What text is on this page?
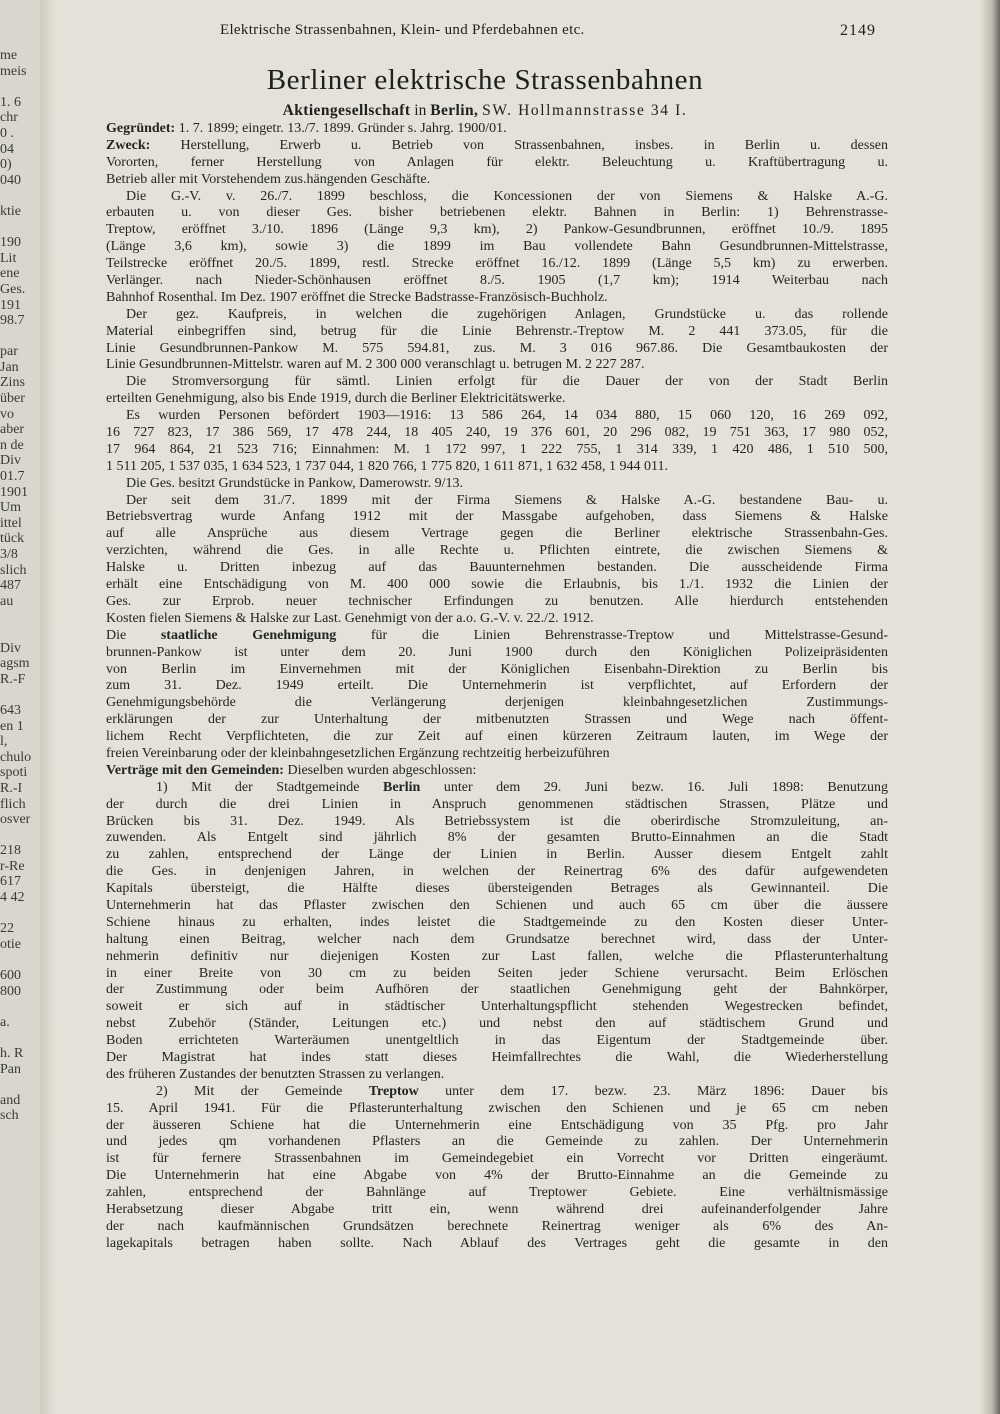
me
meis
1. 6
chr
0 .
04
0)
040
ktie
190
Lit
ene
Ges.
191
98.7
par
Jan
Zins
über
vo
aber
n de
Div
01.7
1901
Um
ittel
tück
3/8
slich
487
au
Div
agsm
R.-F
643
en 1
l,
chulo
spoti
R.-I
flich
osver
218
r-Re
617
4 42
22
otie
600
800
a.
h. R
Pan
and
sch
Elektrische Strassenbahnen, Klein- und Pferdebahnen etc.	2149
Berliner elektrische Strassenbahnen
Aktiengesellschaft in Berlin, SW. Hollmannstrasse 34 I.
Gegründet: 1. 7. 1899; eingetr. 13./7. 1899. Gründer s. Jahrg. 1900/01.
Zweck: Herstellung, Erwerb u. Betrieb von Strassenbahnen, insbes. in Berlin u. dessen
Vororten, ferner Herstellung von Anlagen für elektr. Beleuchtung u. Kraftübertragung u.
Betrieb aller mit Vorstehendem zus.hängenden Geschäfte.
Die G.-V. v. 26./7. 1899 beschloss, die Koncessionen der von Siemens & Halske A.-G.
erbauten u. von dieser Ges. bisher betriebenen elektr. Bahnen in Berlin: 1) Behrenstrasse-
Treptow, eröffnet 3./10. 1896 (Länge 9,3 km), 2) Pankow-Gesundbrunnen, eröffnet 10./9. 1895
(Länge 3,6 km), sowie 3) die 1899 im Bau vollendete Bahn Gesundbrunnen-Mittelstrasse,
Teilstrecke eröffnet 20./5. 1899, restl. Strecke eröffnet 16./12. 1899 (Länge 5,5 km) zu erwerben.
Verlänger. nach Nieder-Schönhausen eröffnet 8./5. 1905 (1,7 km); 1914 Weiterbau nach
Bahnhof Rosenthal. Im Dez. 1907 eröffnet die Strecke Badstrasse-Französisch-Buchholz.
Der gez. Kaufpreis, in welchen die zugehörigen Anlagen, Grundstücke u. das rollende
Material einbegriffen sind, betrug für die Linie Behrenstr.-Treptow M. 2 441 373.05, für die
Linie Gesundbrunnen-Pankow M. 575 594.81, zus. M. 3 016 967.86. Die Gesamtbaukosten der
Linie Gesundbrunnen-Mittelstr. waren auf M. 2 300 000 veranschlagt u. betrugen M. 2 227 287.
Die Stromversorgung für sämtl. Linien erfolgt für die Dauer der von der Stadt Berlin
erteilten Genehmigung, also bis Ende 1919, durch die Berliner Elektricitätswerke.
Es wurden Personen befördert 1903—1916: 13 586 264, 14 034 880, 15 060 120, 16 269 092,
16 727 823, 17 386 569, 17 478 244, 18 405 240, 19 376 601, 20 296 082, 19 751 363, 17 980 052,
17 964 864, 21 523 716; Einnahmen: M. 1 172 997, 1 222 755, 1 314 339, 1 420 486, 1 510 500,
1 511 205, 1 537 035, 1 634 523, 1 737 044, 1 820 766, 1 775 820, 1 611 871, 1 632 458, 1 944 011.
Die Ges. besitzt Grundstücke in Pankow, Damerowstr. 9/13.
Der seit dem 31./7. 1899 mit der Firma Siemens & Halske A.-G. bestandene Bau- u.
Betriebsvertrag wurde Anfang 1912 mit der Massgabe aufgehoben, dass Siemens & Halske
auf alle Ansprüche aus diesem Vertrage gegen die Berliner elektrische Strassenbahn-Ges.
verzichten, während die Ges. in alle Rechte u. Pflichten eintrete, die zwischen Siemens &
Halske u. Dritten inbezug auf das Bauunternehmen bestanden. Die ausscheidende Firma
erhält eine Entschädigung von M. 400 000 sowie die Erlaubnis, bis 1./1. 1932 die Linien der
Ges. zur Erprob. neuer technischer Erfindungen zu benutzen. Alle hierdurch entstehenden
Kosten fielen Siemens & Halske zur Last. Genehmigt von der a.o. G.-V. v. 22./2. 1912.
Die staatliche Genehmigung für die Linien Behrenstrasse-Treptow und Mittelstrasse-Gesund-
brunnen-Pankow ist unter dem 20. Juni 1900 durch den Königlichen Polizeipräsidenten
von Berlin im Einvernehmen mit der Königlichen Eisenbahn-Direktion zu Berlin bis
zum 31. Dez. 1949 erteilt. Die Unternehmerin ist verpflichtet, auf Erfordern der
Genehmigungsbehörde die Verlängerung derjenigen kleinbahngesetzlichen Zustimmungs-
erklärungen der zur Unterhaltung der mitbenutzten Strassen und Wege nach öffent-
lichem Recht Verpflichteten, die zur Zeit auf einen kürzeren Zeitraum lauten, im Wege der
freien Vereinbarung oder der kleinbahngesetzlichen Ergänzung rechtzeitig herbeizuführen
Verträge mit den Gemeinden: Dieselben wurden abgeschlossen:
1) Mit der Stadtgemeinde Berlin unter dem 29. Juni bezw. 16. Juli 1898: Benutzung
der durch die drei Linien in Anspruch genommenen städtischen Strassen, Plätze und
Brücken bis 31. Dez. 1949. Als Betriebssystem ist die oberirdische Stromzuleitung, an-
zuwenden. Als Entgelt sind jährlich 8% der gesamten Brutto-Einnahmen an die Stadt
zu zahlen, entsprechend der Länge der Linien in Berlin. Ausser diesem Entgelt zahlt
die Ges. in denjenigen Jahren, in welchen der Reinertrag 6% des dafür aufgewendeten
Kapitals übersteigt, die Hälfte dieses übersteigenden Betrages als Gewinnanteil. Die
Unternehmerin hat das Pflaster zwischen den Schienen und auch 65 cm über die äussere
Schiene hinaus zu erhalten, indes leistet die Stadtgemeinde zu den Kosten dieser Unter-
haltung einen Beitrag, welcher nach dem Grundsatze berechnet wird, dass der Unter-
nehmerin definitiv nur diejenigen Kosten zur Last fallen, welche die Pflasterunterhaltung
in einer Breite von 30 cm zu beiden Seiten jeder Schiene verursacht. Beim Erlöschen
der Zustimmung oder beim Aufhören der staatlichen Genehmigung geht der Bahnkörper,
soweit er sich auf in städtischer Unterhaltungspflicht stehenden Wegestrecken befindet,
nebst Zubehör (Ständer, Leitungen etc.) und nebst den auf städtischem Grund und
Boden errichteten Warteräumen unentgeltlich in das Eigentum der Stadtgemeinde über.
Der Magistrat hat indes statt dieses Heimfallrechtes die Wahl, die Wiederherstellung
des früheren Zustandes der benutzten Strassen zu verlangen.
2) Mit der Gemeinde Treptow unter dem 17. bezw. 23. März 1896: Dauer bis
15. April 1941. Für die Pflasterunterhaltung zwischen den Schienen und je 65 cm neben
der äusseren Schiene hat die Unternehmerin eine Entschädigung von 35 Pfg. pro Jahr
und jedes qm vorhandenen Pflasters an die Gemeinde zu zahlen. Der Unternehmerin
ist für fernere Strassenbahnen im Gemeindegebiet ein Vorrecht vor Dritten eingeräumt.
Die Unternehmerin hat eine Abgabe von 4% der Brutto-Einnahme an die Gemeinde zu
zahlen, entsprechend der Bahnlänge auf Treptower Gebiete. Eine verhältnismässige
Herabsetzung dieser Abgabe tritt ein, wenn während drei aufeinanderfolgender Jahre
der nach kaufmännischen Grundsätzen berechnete Reinertrag weniger als 6% des An-
lagekapitals betragen haben sollte. Nach Ablauf des Vertrages geht die gesamte in den
